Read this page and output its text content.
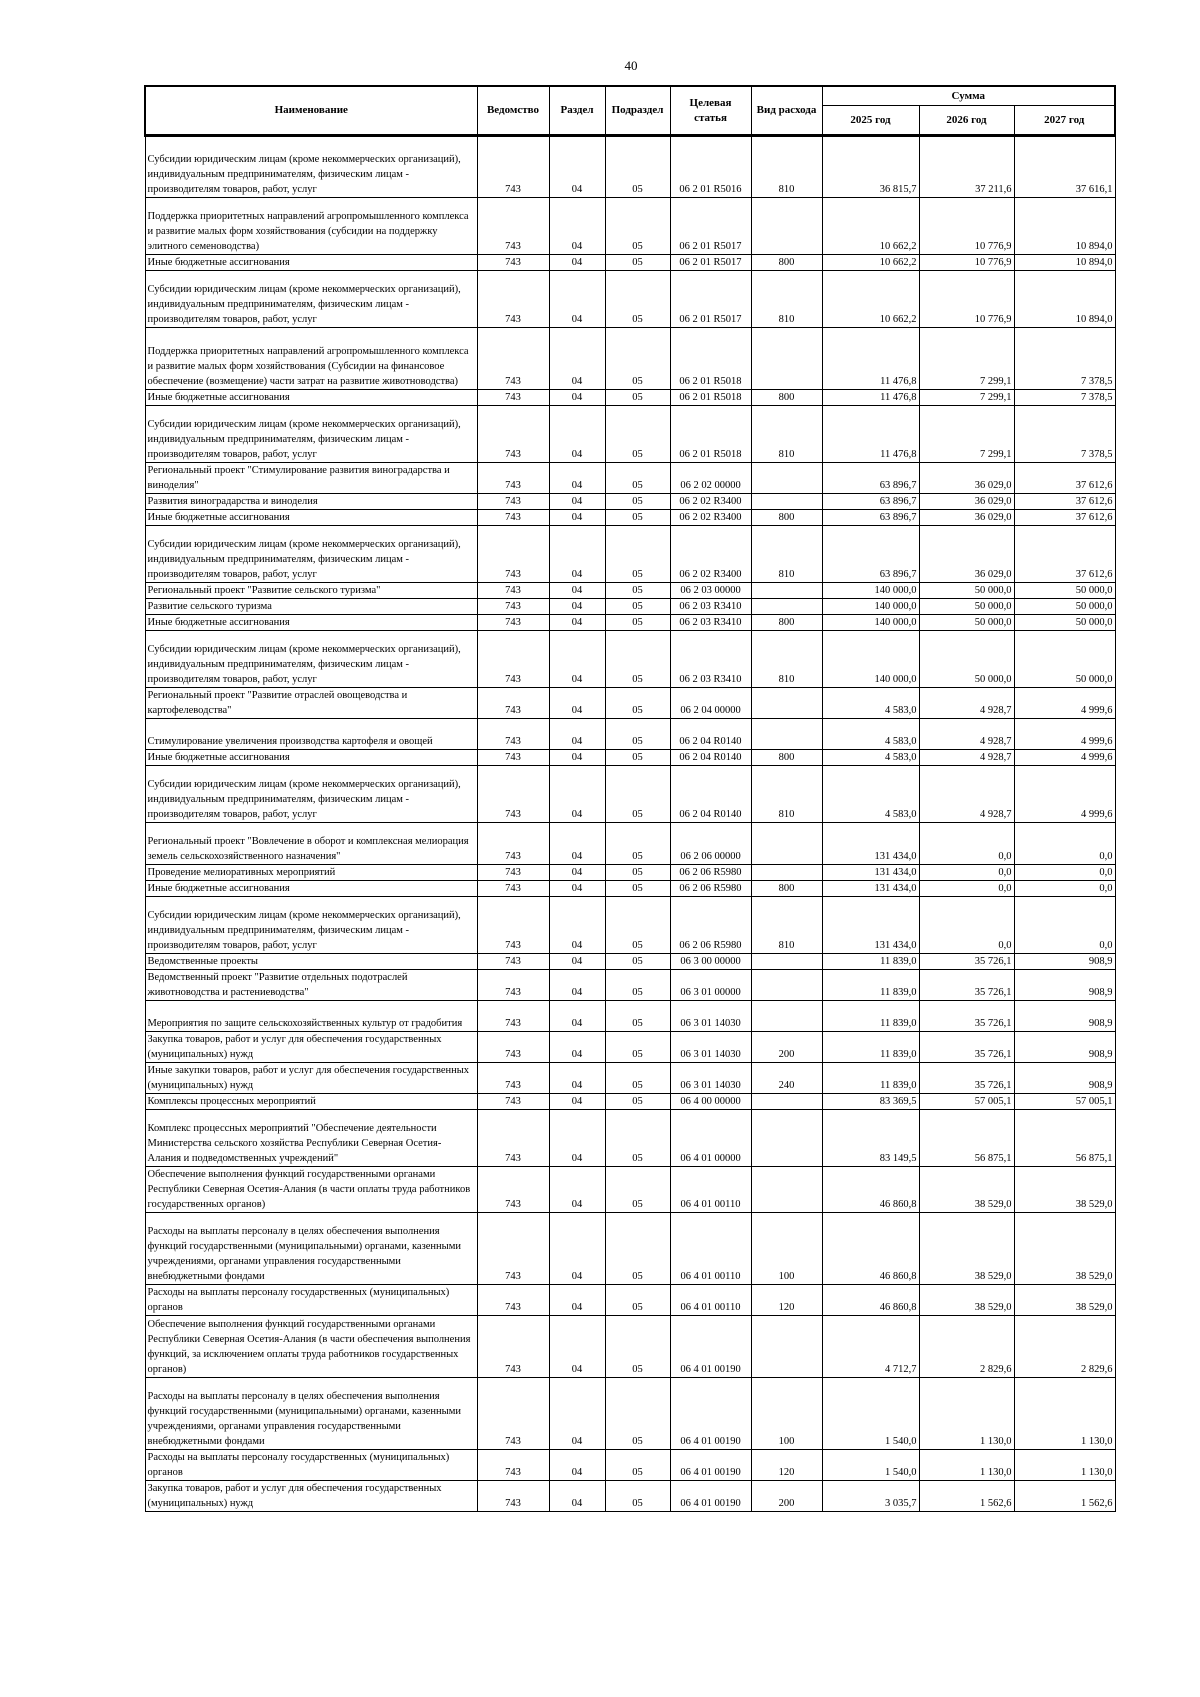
40
Наименование	Ведомство	Раздел	Подраздел	Целевая статья	Вид расхода	Сумма		
						2025 год	2026 год	2027 год
Субсидии юридическим лицам (кроме некоммерческих организаций), индивидуальным предпринимателям, физическим лицам - производителям товаров, работ, услуг	743	04	05	06 2 01 R5016	810	36 815,7	37 211,6	37 616,1
Поддержка приоритетных направлений агропромышленного комплекса и развитие малых форм хозяйствования (субсидии на поддержку элитного семеноводства)	743	04	05	06 2 01 R5017		10 662,2	10 776,9	10 894,0
Иные бюджетные ассигнования	743	04	05	06 2 01 R5017	800	10 662,2	10 776,9	10 894,0
Субсидии юридическим лицам (кроме некоммерческих организаций), индивидуальным предпринимателям, физическим лицам - производителям товаров, работ, услуг	743	04	05	06 2 01 R5017	810	10 662,2	10 776,9	10 894,0
Поддержка приоритетных направлений агропромышленного комплекса и развитие малых форм хозяйствования (Субсидии на финансовое обеспечение (возмещение) части затрат на развитие животноводства)	743	04	05	06 2 01 R5018		11 476,8	7 299,1	7 378,5
Иные бюджетные ассигнования	743	04	05	06 2 01 R5018	800	11 476,8	7 299,1	7 378,5
Субсидии юридическим лицам (кроме некоммерческих организаций), индивидуальным предпринимателям, физическим лицам - производителям товаров, работ, услуг	743	04	05	06 2 01 R5018	810	11 476,8	7 299,1	7 378,5
Региональный проект "Стимулирование развития виноградарства и виноделия"	743	04	05	06 2 02 00000		63 896,7	36 029,0	37 612,6
Развития виноградарства и виноделия	743	04	05	06 2 02 R3400		63 896,7	36 029,0	37 612,6
Иные бюджетные ассигнования	743	04	05	06 2 02 R3400	800	63 896,7	36 029,0	37 612,6
Субсидии юридическим лицам (кроме некоммерческих организаций), индивидуальным предпринимателям, физическим лицам - производителям товаров, работ, услуг	743	04	05	06 2 02 R3400	810	63 896,7	36 029,0	37 612,6
Региональный проект "Развитие сельского туризма"	743	04	05	06 2 03 00000		140 000,0	50 000,0	50 000,0
Развитие сельского туризма	743	04	05	06 2 03 R3410		140 000,0	50 000,0	50 000,0
Иные бюджетные ассигнования	743	04	05	06 2 03 R3410	800	140 000,0	50 000,0	50 000,0
Субсидии юридическим лицам (кроме некоммерческих организаций), индивидуальным предпринимателям, физическим лицам - производителям товаров, работ, услуг	743	04	05	06 2 03 R3410	810	140 000,0	50 000,0	50 000,0
Региональный проект "Развитие отраслей овощеводства и картофелеводства"	743	04	05	06 2 04 00000		4 583,0	4 928,7	4 999,6
Стимулирование увеличения производства картофеля и овощей	743	04	05	06 2 04 R0140		4 583,0	4 928,7	4 999,6
Иные бюджетные ассигнования	743	04	05	06 2 04 R0140	800	4 583,0	4 928,7	4 999,6
Субсидии юридическим лицам (кроме некоммерческих организаций), индивидуальным предпринимателям, физическим лицам - производителям товаров, работ, услуг	743	04	05	06 2 04 R0140	810	4 583,0	4 928,7	4 999,6
Региональный проект "Вовлечение в оборот и комплексная мелиорация земель сельскохозяйственного назначения"	743	04	05	06 2 06 00000		131 434,0	0,0	0,0
Проведение мелиоративных мероприятий	743	04	05	06 2 06 R5980		131 434,0	0,0	0,0
Иные бюджетные ассигнования	743	04	05	06 2 06 R5980	800	131 434,0	0,0	0,0
Субсидии юридическим лицам (кроме некоммерческих организаций), индивидуальным предпринимателям, физическим лицам - производителям товаров, работ, услуг	743	04	05	06 2 06 R5980	810	131 434,0	0,0	0,0
Ведомственные проекты	743	04	05	06 3 00 00000		11 839,0	35 726,1	908,9
Ведомственный проект "Развитие отдельных подотраслей животноводства и растениеводства"	743	04	05	06 3 01 00000		11 839,0	35 726,1	908,9
Мероприятия по защите сельскохозяйственных культур от градобития	743	04	05	06 3 01 14030		11 839,0	35 726,1	908,9
Закупка товаров, работ и услуг для обеспечения государственных (муниципальных) нужд	743	04	05	06 3 01 14030	200	11 839,0	35 726,1	908,9
Иные закупки товаров, работ и услуг для обеспечения государственных (муниципальных) нужд	743	04	05	06 3 01 14030	240	11 839,0	35 726,1	908,9
Комплексы процессных мероприятий	743	04	05	06 4 00 00000		83 369,5	57 005,1	57 005,1
Комплекс процессных мероприятий "Обеспечение деятельности Министерства сельского хозяйства Республики Северная Осетия-Алания и подведомственных учреждений"	743	04	05	06 4 01 00000		83 149,5	56 875,1	56 875,1
Обеспечение выполнения функций государственными органами Республики Северная Осетия-Алания (в части оплаты труда работников государственных органов)	743	04	05	06 4 01 00110		46 860,8	38 529,0	38 529,0
Расходы на выплаты персоналу в целях обеспечения выполнения функций государственными (муниципальными) органами, казенными учреждениями, органами управления государственными внебюджетными фондами	743	04	05	06 4 01 00110	100	46 860,8	38 529,0	38 529,0
Расходы на выплаты персоналу государственных (муниципальных) органов	743	04	05	06 4 01 00110	120	46 860,8	38 529,0	38 529,0
Обеспечение выполнения функций государственными органами Республики Северная Осетия-Алания (в части обеспечения выполнения функций, за исключением оплаты труда работников государственных органов)	743	04	05	06 4 01 00190		4 712,7	2 829,6	2 829,6
Расходы на выплаты персоналу в целях обеспечения выполнения функций государственными (муниципальными) органами, казенными учреждениями, органами управления государственными внебюджетными фондами	743	04	05	06 4 01 00190	100	1 540,0	1 130,0	1 130,0
Расходы на выплаты персоналу государственных (муниципальных) органов	743	04	05	06 4 01 00190	120	1 540,0	1 130,0	1 130,0
Закупка товаров, работ и услуг для обеспечения государственных (муниципальных) нужд	743	04	05	06 4 01 00190	200	3 035,7	1 562,6	1 562,6
